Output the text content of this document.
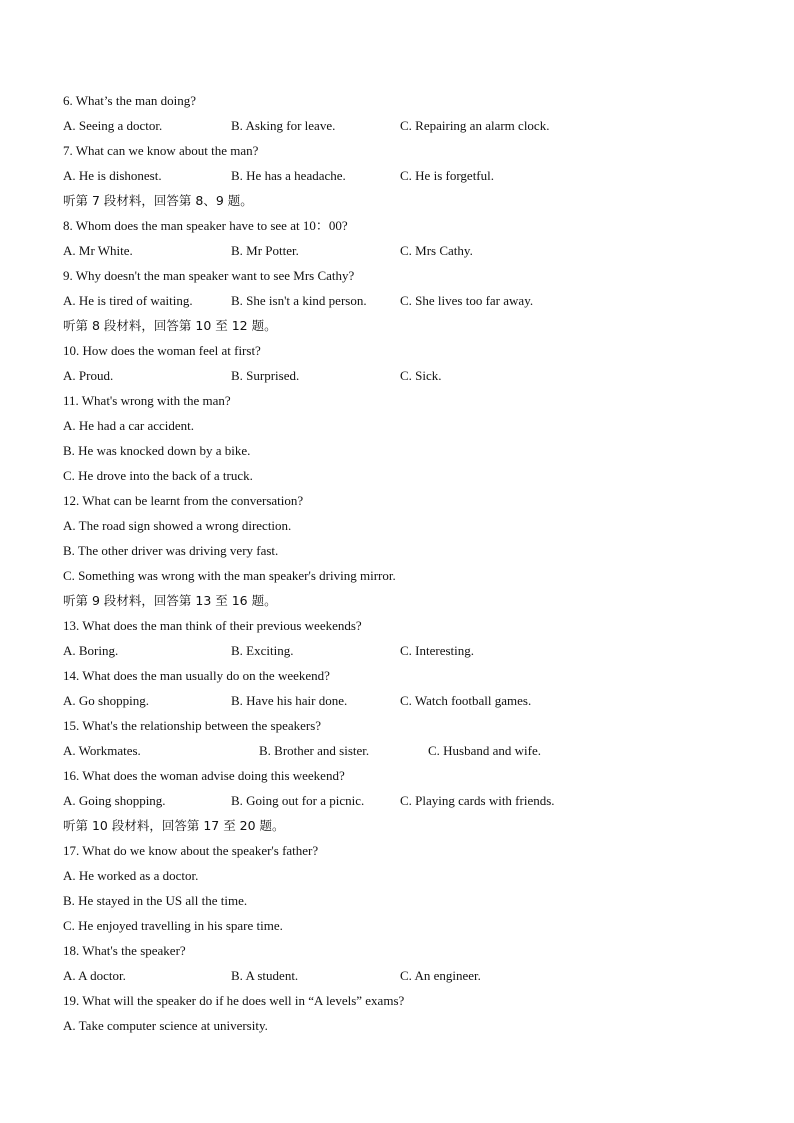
6. What’s the man doing?
A. Seeing a doctor.	B. Asking for leave.	C. Repairing an alarm clock.
7. What can we know about the man?
A. He is dishonest.	B. He has a headache.	C. He is forgetful.
听第 7 段材料，回答第 8、9 题。
8. Whom does the man speaker have to see at 10：00?
A. Mr White.	B. Mr Potter.	C. Mrs Cathy.
9. Why doesn't the man speaker want to see Mrs Cathy?
A. He is tired of waiting.	B. She isn't a kind person.	C. She lives too far away.
听第 8 段材料，回答第 10 至 12 题。
10. How does the woman feel at first?
A. Proud.	B. Surprised.	C. Sick.
11. What's wrong with the man?
A. He had a car accident.
B. He was knocked down by a bike.
C. He drove into the back of a truck.
12. What can be learnt from the conversation?
A. The road sign showed a wrong direction.
B. The other driver was driving very fast.
C. Something was wrong with the man speaker's driving mirror.
听第 9 段材料，回答第 13 至 16 题。
13. What does the man think of their previous weekends?
A. Boring.	B. Exciting.	C. Interesting.
14. What does the man usually do on the weekend?
A. Go shopping.	B. Have his hair done.	C. Watch football games.
15. What's the relationship between the speakers?
A. Workmates.	B. Brother and sister.	C. Husband and wife.
16. What does the woman advise doing this weekend?
A. Going shopping.	B. Going out for a picnic.	C. Playing cards with friends.
听第 10 段材料，回答第 17 至 20 题。
17. What do we know about the speaker's father?
A. He worked as a doctor.
B. He stayed in the US all the time.
C. He enjoyed travelling in his spare time.
18. What's the speaker?
A. A doctor.	B. A student.	C. An engineer.
19. What will the speaker do if he does well in “A levels” exams?
A. Take computer science at university.
